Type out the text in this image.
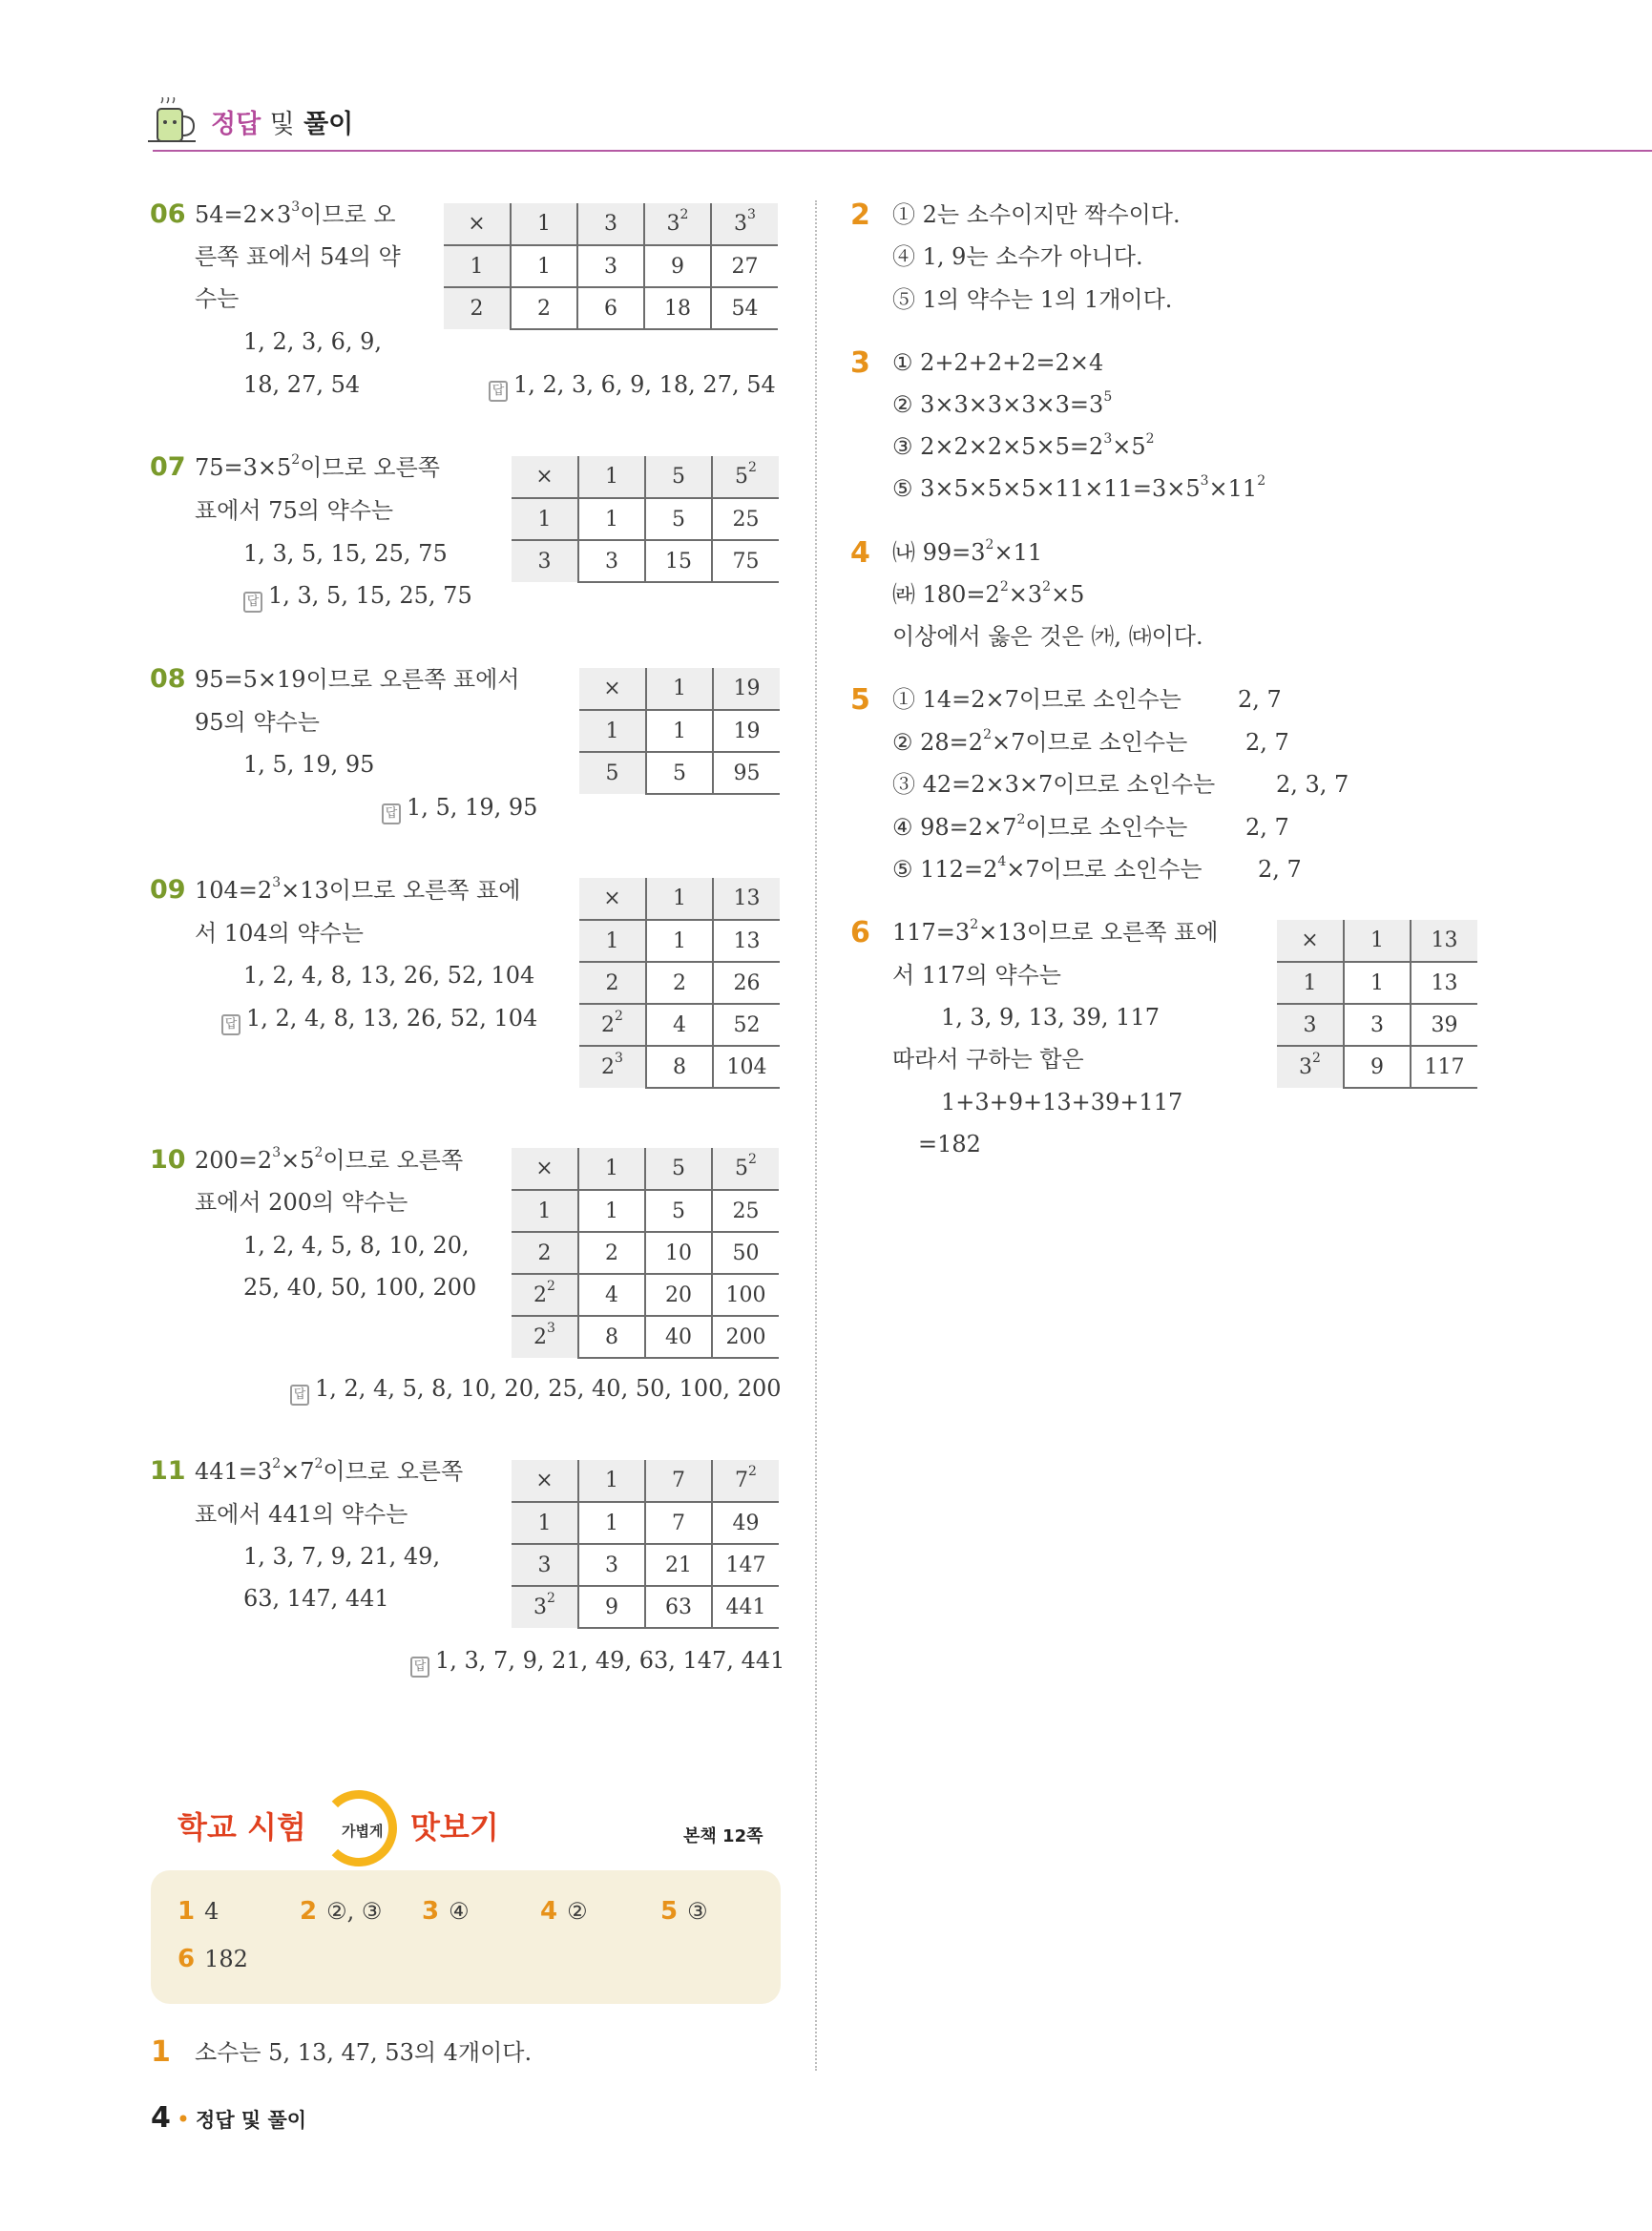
정답 및 풀이
06 $54=2\times 3^3$이므로 오
른쪽 표에서 54의 약
수는
1, 2, 3, 6, 9,
18, 27, 54	답 1, 2, 3, 6, 9, 18, 27, 54
×	1	3	$3^2$	$3^3$
1	1	3	9	27
2	2	6	18	54
07 $75=3\times 5^2$이므로 오른쪽
표에서 75의 약수는
1, 3, 5, 15, 25, 75
답 1, 3, 5, 15, 25, 75
×	1	5	$5^2$
1	1	5	25
3	3	15	75
08 95=5×19이므로 오른쪽 표에서
95의 약수는
1, 5, 19, 95
답 1, 5, 19, 95
×	1	19
1	1	19
5	5	95
09 $104=2^3\times 13$이므로 오른쪽 표에
서 104의 약수는
1, 2, 4, 8, 13, 26, 52, 104
답 1, 2, 4, 8, 13, 26, 52, 104
×	1	13
1	1	13
2	2	26
$2^2$	4	52
$2^3$	8	104
10 $200=2^3\times 5^2$이므로 오른쪽
표에서 200의 약수는
1, 2, 4, 5, 8, 10, 20,
25, 40, 50, 100, 200
답 1, 2, 4, 5, 8, 10, 20, 25, 40, 50, 100, 200
×	1	5	$5^2$
1	1	5	25
2	2	10	50
$2^2$	4	20	100
$2^3$	8	40	200
11 $441=3^2\times 7^2$이므로 오른쪽
표에서 441의 약수는
1, 3, 7, 9, 21, 49,
63, 147, 441
답 1, 3, 7, 9, 21, 49, 63, 147, 441
×	1	7	$7^2$
1	1	7	49
3	3	21	147
$3^2$	9	63	441
학교 시험 가볍게 맛보기	본책 12쪽
1 4	2 ②, ③ 3 ④	4 ②	5 ③
6 182
1 소수는 5, 13, 47, 53의 4개이다.
2 ① 2는 소수이지만 짝수이다.
④ 1, 9는 소수가 아니다.
⑤ 1의 약수는 1의 1개이다.
3 ① 2+2+2+2=2×4
② $3\times 3\times 3\times 3\times 3=3^5$
③ $2\times 2\times 2\times 5\times 5=2^3\times 5^2$
⑤ $3\times 5\times 5\times 5\times 11\times 11=3\times 5^3\times 11^2$
4 ㈏ $99=3^2\times 11$
㈑ $180=2^2\times 3^2\times 5$
이상에서 옳은 것은 ㈎, ㈐이다.
5 ① 14=2×7이므로 소인수는 2, 7
② $28=2^2\times 7$이므로 소인수는	2, 7
③ 42=2×3×7이므로 소인수는	2, 3, 7
④ $98=2\times 7^2$이므로 소인수는	2, 7
⑤ $112=2^4\times 7$이므로 소인수는 2, 7
6 $117=3^2\times 13$이므로 오른쪽 표에
서 117의 약수는
1, 3, 9, 13, 39, 117
따라서 구하는 합은
1+3+9+13+39+117
=182
×	1	13
1	1	13
3	3	39
$3^2$	9	117
4 • 정답 및 풀이
